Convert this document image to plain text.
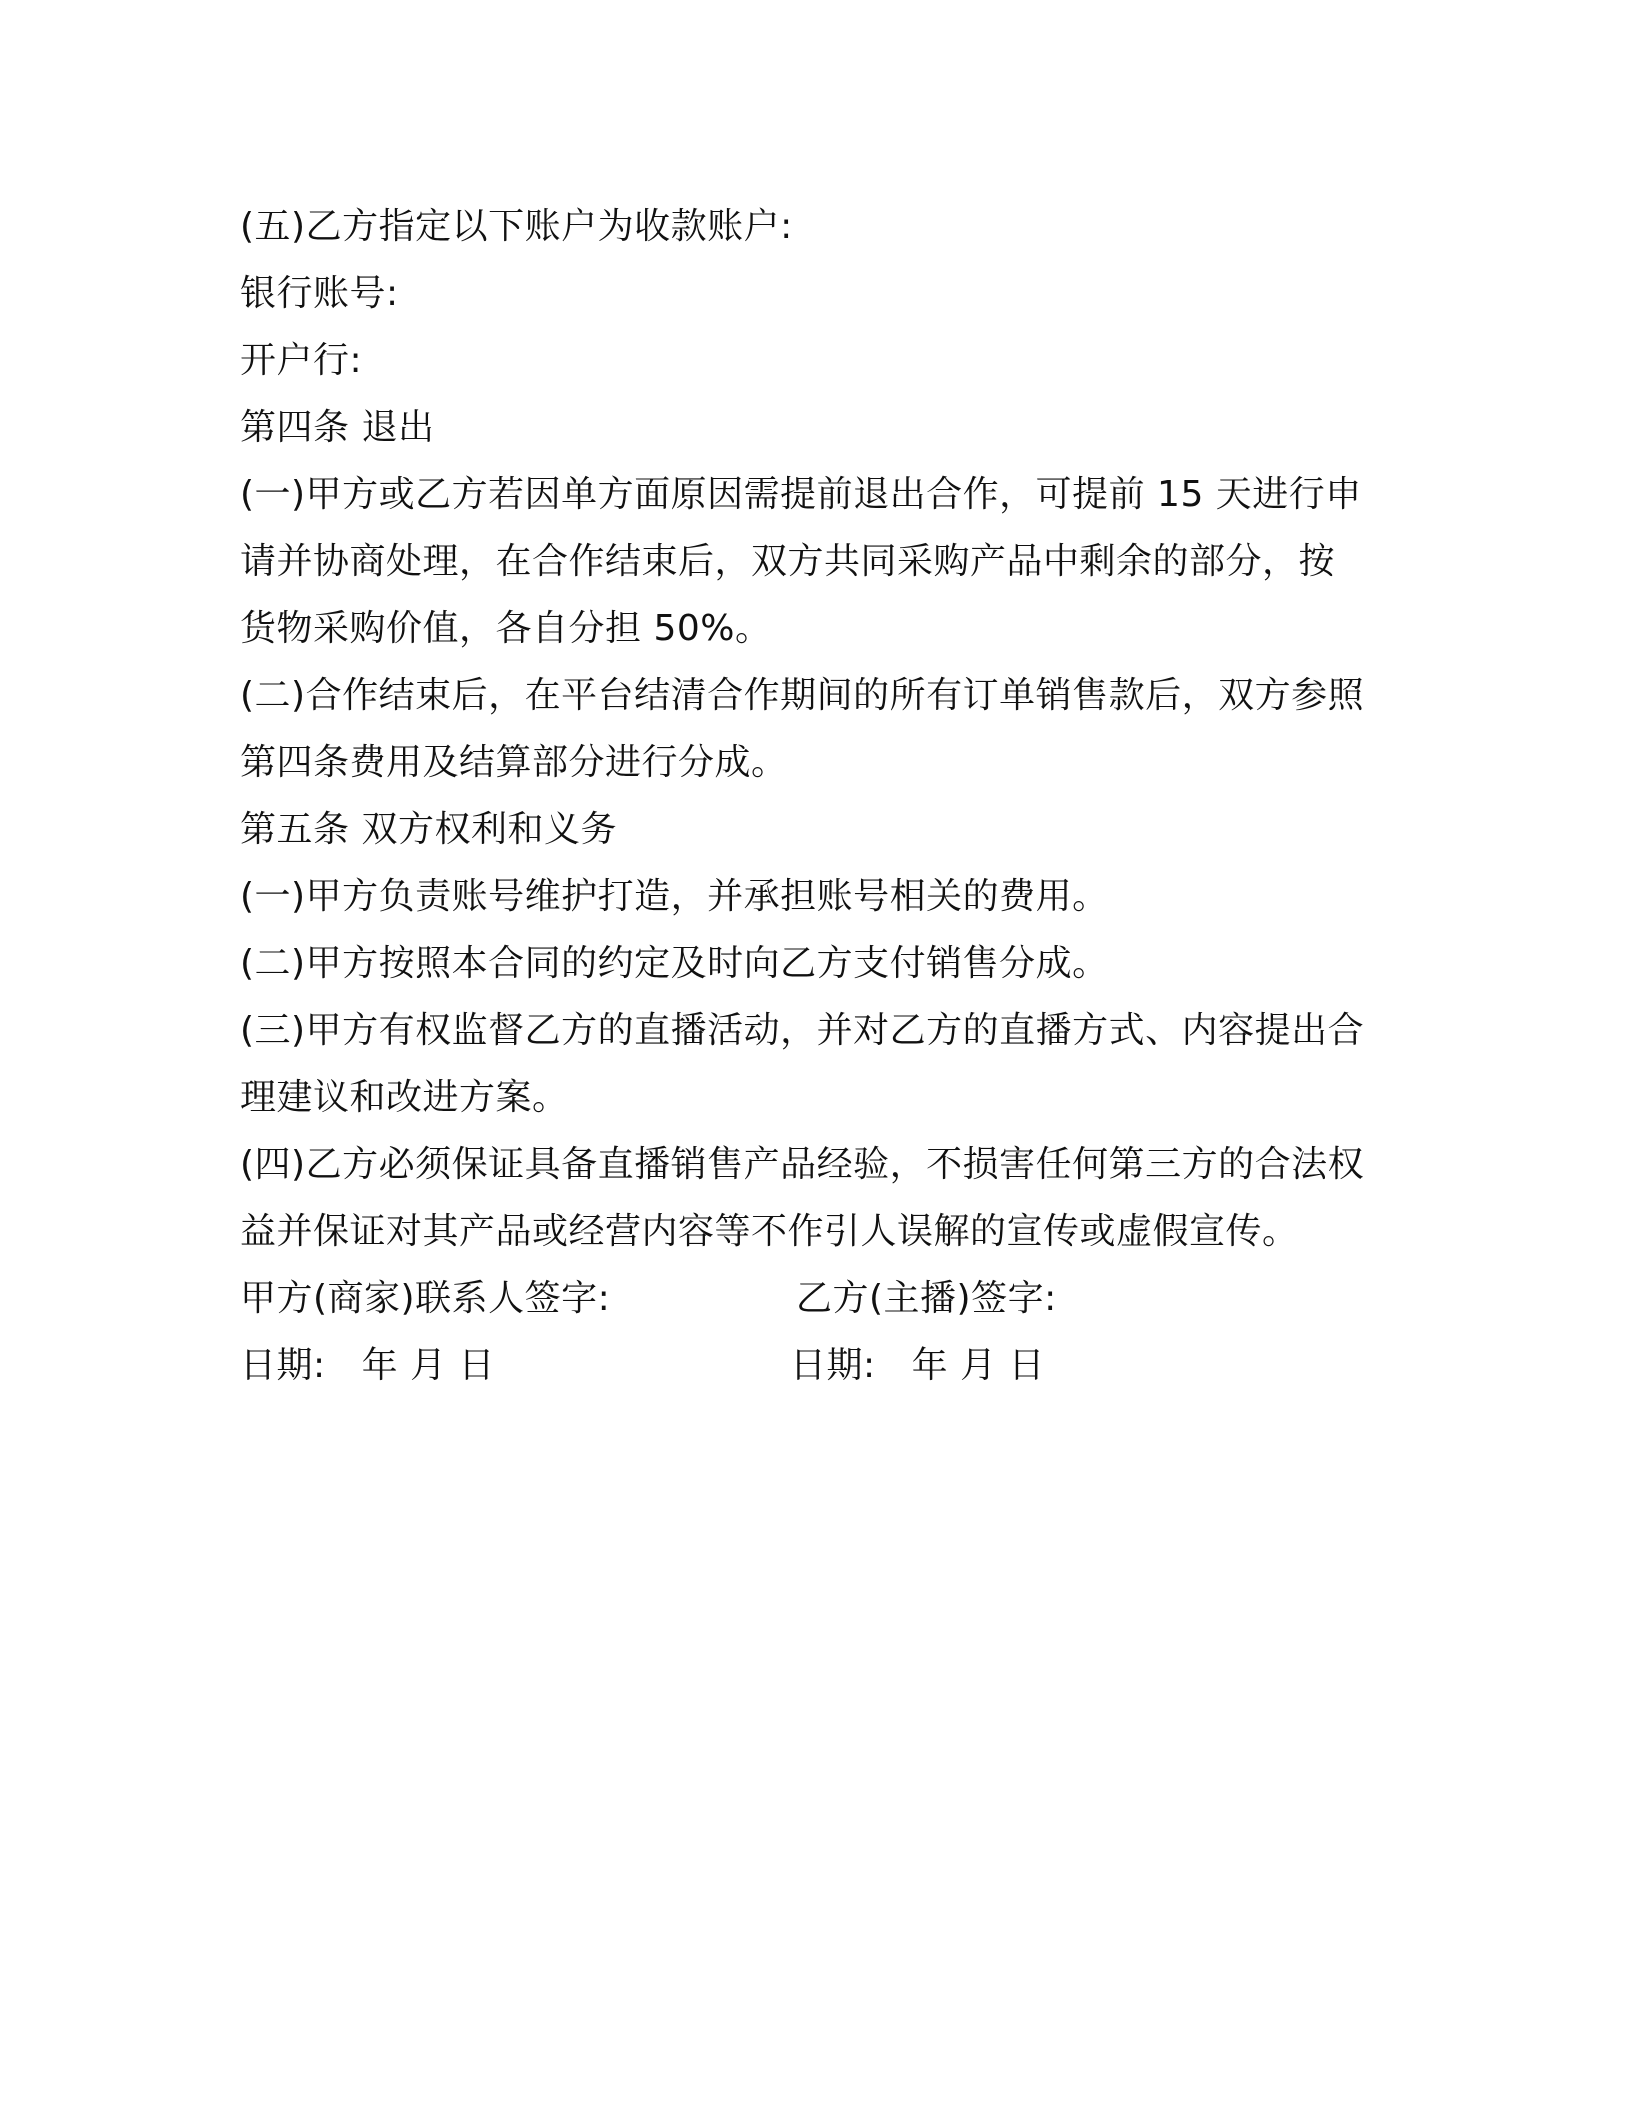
(五)乙方指定以下账户为收款账户:
银行账号:
开户行:
第四条 退出
(一)甲方或乙方若因单方面原因需提前退出合作，可提前 15 天进行申
请并协商处理，在合作结束后，双方共同采购产品中剩余的部分，按
货物采购价值，各自分担 50%。
(二)合作结束后，在平台结清合作期间的所有订单销售款后，双方参照
第四条费用及结算部分进行分成。
第五条 双方权利和义务
(一)甲方负责账号维护打造，并承担账号相关的费用。
(二)甲方按照本合同的约定及时向乙方支付销售分成。
(三)甲方有权监督乙方的直播活动，并对乙方的直播方式、内容提出合
理建议和改进方案。
(四)乙方必须保证具备直播销售产品经验，不损害任何第三方的合法权
益并保证对其产品或经营内容等不作引人误解的宣传或虚假宣传。
甲方(商家)联系人签字:	乙方(主播)签字:
日期: 年 月 日	日期: 年 月 日
